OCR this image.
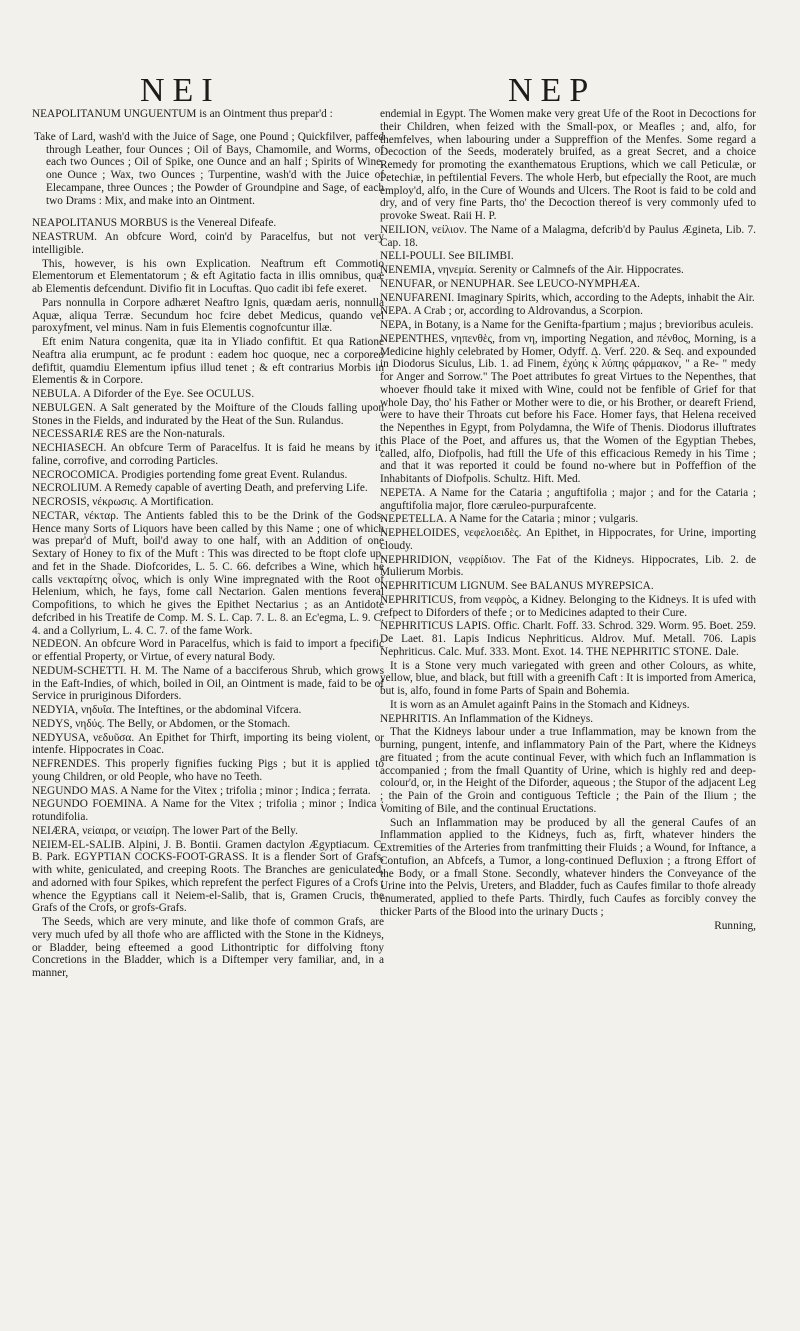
NEI	NEP

NEAPOLITANUM UNGUENTUM is an Ointment thus prepar'd :

Take of Lard, wash'd with the Juice of Sage, one Pound ; Quickfilver, paffed through Leather, four Ounces ; Oil of Bays, Chamomile, and Worms, of each two Ounces ; Oil of Spike, one Ounce and an half ; Spirits of Wine, one Ounce ; Wax, two Ounces ; Turpentine, wash'd with the Juice of Elecampane, three Ounces ; the Powder of Groundpine and Sage, of each two Drams : Mix, and make into an Ointment.

NEAPOLITANUS MORBUS is the Venereal Difeafe.

NEASTRUM. An obfcure Word, coin'd by Paracelfus, but not very intelligible.

This, however, is his own Explication. Neaftrum eft Commotio Elementorum et Elementatorum ; & eft Agitatio facta in illis omnibus, quæ ab Elementis defcendunt. Divifio fit in Locuftas. Quo cadit ibi fefe exeret.

Pars nonnulla in Corpore adhæret Neaftro Ignis, quædam aeris, nonnulla Aquæ, aliqua Terræ. Secundum hoc fcire debet Medicus, quando vel paroxyfment, vel minus. Nam in fuis Elementis cognofcuntur illæ.

Eft enim Natura congenita, quæ ita in Yliado confiftit. Et qua Ratione Neaftra alia erumpunt, ac fe produnt : eadem hoc quoque, nec a corporeo defiftit, quamdiu Elementum ipfius illud tenet ; & eft contrarius Morbis in Elementis & in Corpore.

NEBULA. A Diforder of the Eye. See OCULUS.

NEBULGEN. A Salt generated by the Moifture of the Clouds falling upon Stones in the Fields, and indurated by the Heat of the Sun. Rulandus.

NECESSARIÆ RES are the Non-naturals.

NECHIASECH. An obfcure Term of Paracelfus. It is faid he means by it, faline, corrofive, and corroding Particles.

NECROCOMICA. Prodigies portending fome great Event. Rulandus.

NECROLIUM. A Remedy capable of averting Death, and preferving Life.

NECROSIS, νέκρωσις. A Mortification.

NECTAR, νέκταρ. The Antients fabled this to be the Drink of the Gods. Hence many Sorts of Liquors have been called by this Name ; one of which was prepar'd of Muft, boil'd away to one half, with an Addition of one Sextary of Honey to fix of the Muft : This was directed to be ftopt clofe up, and fet in the Shade. Diofcorides, L. 5. C. 66. defcribes a Wine, which he calls νεκταρίτης οἶνος, which is only Wine impregnated with the Root of Helenium, which, he fays, fome call Nectarion. Galen mentions feveral Compofitions, to which he gives the Epithet Nectarius ; as an Antidote defcribed in his Treatife de Comp. M. S. L. Cap. 7. L. 8. an Ec'egma, L. 9. C. 4. and a Collyrium, L. 4. C. 7. of the fame Work.

NEDEON. An obfcure Word in Paracelfus, which is faid to import a fpecific or effential Property, or Virtue, of every natural Body.

NEDUM-SCHETTI. H. M. The Name of a bacciferous Shrub, which grows in the Eaft-Indies, of which, boiled in Oil, an Ointment is made, faid to be of Service in pruriginous Diforders.

NEDYIA, νηδυΐα. The Inteftines, or the abdominal Vifcera.

NEDYS, νηδύς. The Belly, or Abdomen, or the Stomach.

NEDYUSA, νεδυῦσα. An Epithet for Thirft, importing its being violent, or intenfe. Hippocrates in Coac.

NEFRENDES. This properly fignifies fucking Pigs ; but it is applied to young Children, or old People, who have no Teeth.

NEGUNDO MAS. A Name for the Vitex ; trifolia ; minor ; Indica ; ferrata.

NEGUNDO FOEMINA. A Name for the Vitex ; trifolia ; minor ; Indica ; rotundifolia.

NEIÆRA, νείαιρα, or νειαίρη. The lower Part of the Belly.

NEIEM-EL-SALIB. Alpini, J. B. Bontii. Gramen dactylon Ægyptiacum. C. B. Park. EGYPTIAN COCKS-FOOT-GRASS. It is a flender Sort of Grafs, with white, geniculated, and creeping Roots. The Branches are geniculated, and adorned with four Spikes, which reprefent the perfect Figures of a Crofs ; whence the Egyptians call it Neiem-el-Salib, that is, Gramen Crucis, the Grafs of the Crofs, or grofs-Grafs.

The Seeds, which are very minute, and like thofe of common Grafs, are very much ufed by all thofe who are afflicted with the Stone in the Kidneys, or Bladder, being efteemed a good Lithontriptic for diffolving ftony Concretions in the Bladder, which is a Diftemper very familiar, and, in a manner,

endemial in Egypt. The Women make very great Ufe of the Root in Decoctions for their Children, when feized with the Small-pox, or Meafles ; and, alfo, for themfelves, when labouring under a Suppreffion of the Menfes. Some regard a Decoction of the Seeds, moderately bruifed, as a great Secret, and a choice Remedy for promoting the exanthematous Eruptions, which we call Peticulæ, or Petechiæ, in peftilential Fevers. The whole Herb, but efpecially the Root, are much employ'd, alfo, in the Cure of Wounds and Ulcers. The Root is faid to be cold and dry, and of very fine Parts, tho' the Decoction thereof is very commonly ufed to provoke Sweat. Raii H. P.

NEILION, νείλιον. The Name of a Malagma, defcrib'd by Paulus Ægineta, Lib. 7. Cap. 18.

NELI-POULI. See BILIMBI.

NENEMIA, νηνεμία. Serenity or Calmnefs of the Air. Hippocrates.

NENUFAR, or NENUPHAR. See LEUCO-NYMPHÆA.

NENUFARENI. Imaginary Spirits, which, according to the Adepts, inhabit the Air.

NEPA. A Crab ; or, according to Aldrovandus, a Scorpion.

NEPA, in Botany, is a Name for the Genifta-fpartium ; majus ; brevioribus aculeis.

NEPENTHES, νηπενθὲς, from νη, importing Negation, and πένθος, Morning, is a Medicine highly celebrated by Homer, Odyff. Δ. Verf. 220. & Seq. and expounded in Diodorus Siculus, Lib. 1. ad Finem, ἐχύης κ̀ λύπης φάρμακον, " a Re- " medy for Anger and Sorrow." The Poet attributes fo great Virtues to the Nepenthes, that whoever fhould take it mixed with Wine, could not be fenfible of Grief for that whole Day, tho' his Father or Mother were to die, or his Brother, or deareft Friend, were to have their Throats cut before his Face. Homer fays, that Helena received the Nepenthes in Egypt, from Polydamna, the Wife of Thenis. Diodorus illuftrates this Place of the Poet, and affures us, that the Women of the Egyptian Thebes, called, alfo, Diofpolis, had ftill the Ufe of this efficacious Remedy in his Time ; and that it was reported it could be found no-where but in Poffeffion of the Inhabitants of Diofpolis. Schultz. Hift. Med.

NEPETA. A Name for the Cataria ; anguftifolia ; major ; and for the Cataria ; anguftifolia major, flore cæruleo-purpurafcente.

NEPETELLA. A Name for the Cataria ; minor ; vulgaris.

NEPHELOIDES, νεφελοειδὲς. An Epithet, in Hippocrates, for Urine, importing cloudy.

NEPHRIDION, νεφρίδιον. The Fat of the Kidneys. Hippocrates, Lib. 2. de Mulierum Morbis.

NEPHRITICUM LIGNUM. See BALANUS MYREPSICA.

NEPHRITICUS, from νεφρὸς, a Kidney. Belonging to the Kidneys. It is ufed with refpect to Diforders of thefe ; or to Medicines adapted to their Cure.

NEPHRITICUS LAPIS. Offic. Charlt. Foff. 33. Schrod. 329. Worm. 95. Boet. 259. De Laet. 81. Lapis Indicus Nephriticus. Aldrov. Muf. Metall. 706. Lapis Nephriticus. Calc. Muf. 333. Mont. Exot. 14. THE NEPHRITIC STONE. Dale.

It is a Stone very much variegated with green and other Colours, as white, yellow, blue, and black, but ftill with a greenifh Caft : It is imported from America, but is, alfo, found in fome Parts of Spain and Bohemia.

It is worn as an Amulet againft Pains in the Stomach and Kidneys.

NEPHRITIS. An Inflammation of the Kidneys.

That the Kidneys labour under a true Inflammation, may be known from the burning, pungent, intenfe, and inflammatory Pain of the Part, where the Kidneys are fituated ; from the acute continual Fever, with which fuch an Inflammation is accompanied ; from the fmall Quantity of Urine, which is highly red and deep-colour'd, or, in the Height of the Diforder, aqueous ; the Stupor of the adjacent Leg ; the Pain of the Groin and contiguous Tefticle ; the Pain of the Ilium ; the Vomiting of Bile, and the continual Eructations.

Such an Inflammation may be produced by all the general Caufes of an Inflammation applied to the Kidneys, fuch as, firft, whatever hinders the Extremities of the Arteries from tranfmitting their Fluids ; a Wound, for Inftance, a Contufion, an Abfcefs, a Tumor, a long-continued Defluxion ; a ftrong Effort of the Body, or a fmall Stone. Secondly, whatever hinders the Conveyance of the Urine into the Pelvis, Ureters, and Bladder, fuch as Caufes fimilar to thofe already enumerated, applied to thefe Parts. Thirdly, fuch Caufes as forcibly convey the thicker Parts of the Blood into the urinary Ducts ;

Running,
